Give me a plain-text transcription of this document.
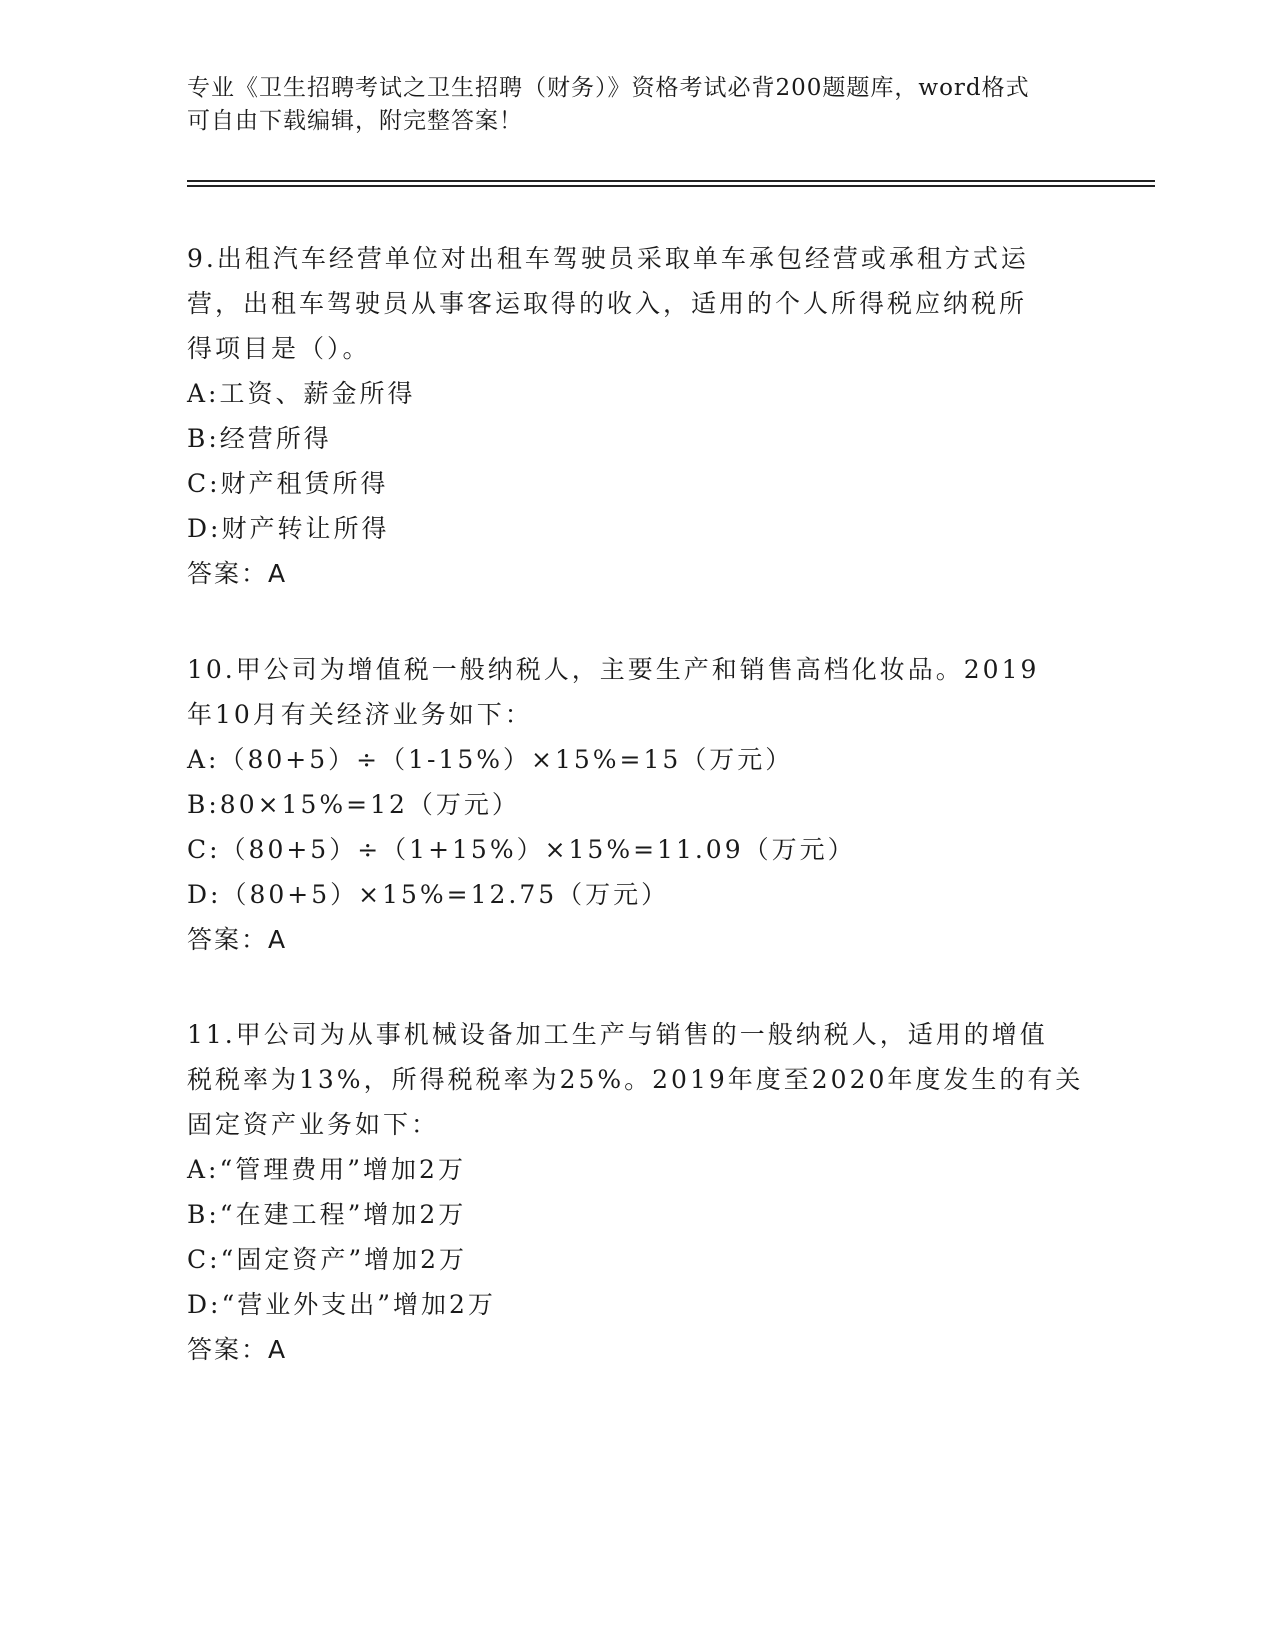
专业《卫生招聘考试之卫生招聘（财务）》资格考试必背200题题库，word格式
可自由下载编辑，附完整答案！
9.出租汽车经营单位对出租车驾驶员采取单车承包经营或承租方式运
营，出租车驾驶员从事客运取得的收入，适用的个人所得税应纳税所
得项目是（）。
A:工资、薪金所得
B:经营所得
C:财产租赁所得
D:财产转让所得
答案：A
10.甲公司为增值税一般纳税人，主要生产和销售高档化妆品。2019
年10月有关经济业务如下：
A:（80+5）÷（1-15%）×15%=15（万元）
B:80×15%=12（万元）
C:（80+5）÷（1+15%）×15%=11.09（万元）
D:（80+5）×15%=12.75（万元）
答案：A
11.甲公司为从事机械设备加工生产与销售的一般纳税人，适用的增值
税税率为13%，所得税税率为25%。2019年度至2020年度发生的有关
固定资产业务如下：
A:“管理费用”增加2万
B:“在建工程”增加2万
C:“固定资产”增加2万
D:“营业外支出”增加2万
答案：A
